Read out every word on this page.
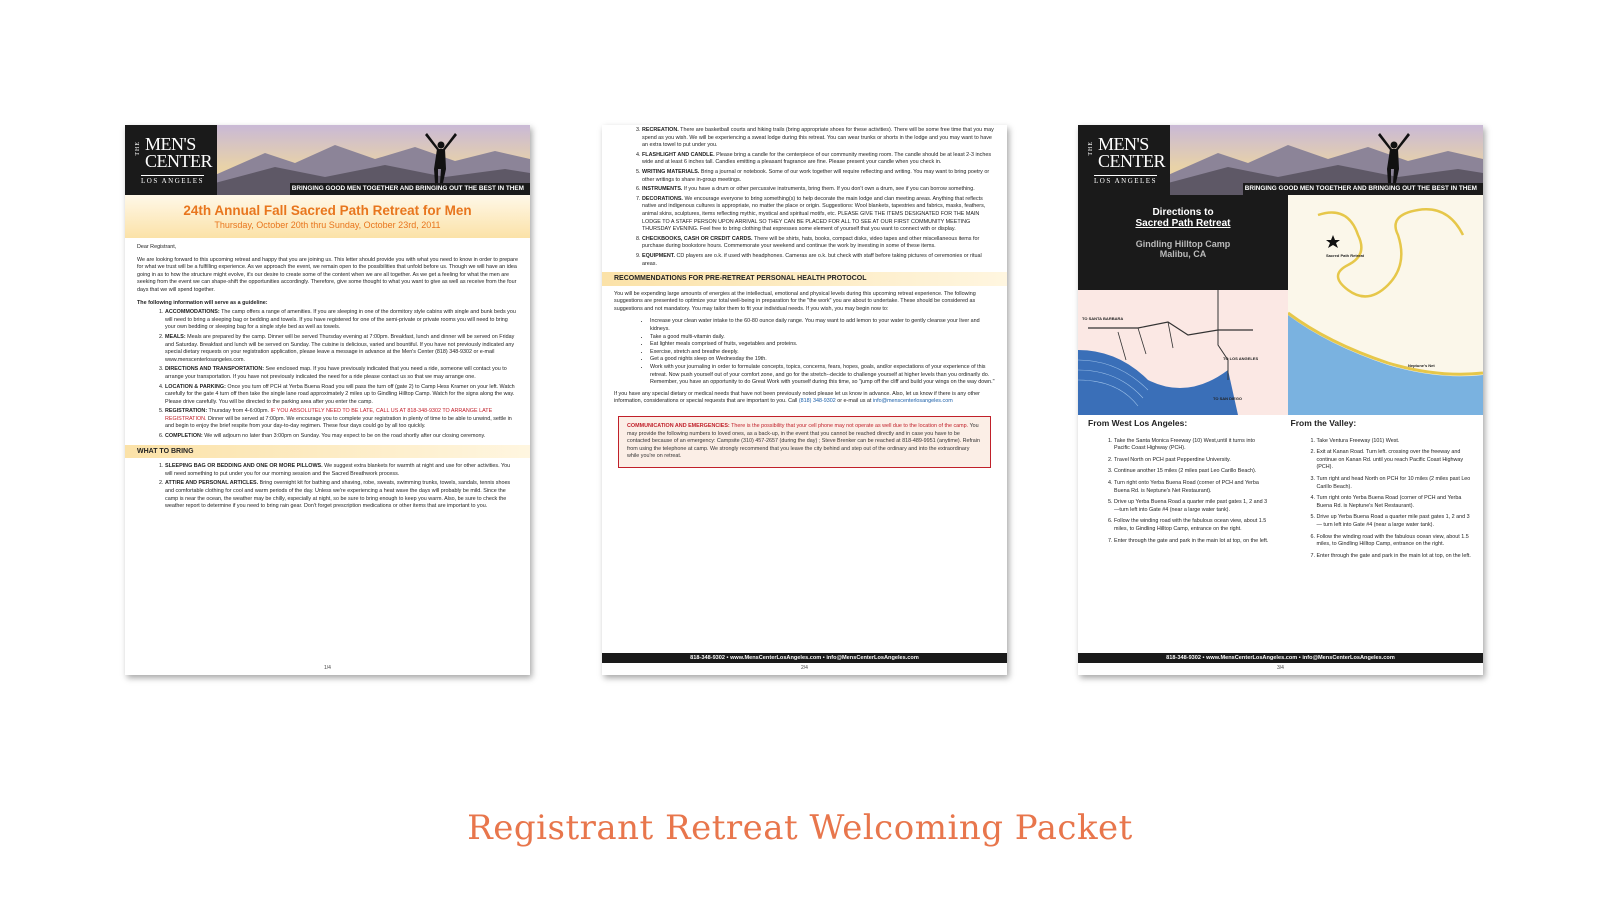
THE MEN'S
CENTER
LOS ANGELES
BRINGING GOOD MEN TOGETHER AND BRINGING OUT THE BEST IN THEM
24th Annual Fall Sacred Path Retreat for Men
Thursday, October 20th thru Sunday, October 23rd, 2011

Dear Registrant,

We are looking forward to this upcoming retreat and happy that you are joining us. This letter should provide you with what you need to know in order to prepare for what we trust will be a fulfilling experience. As we approach the event, we remain open to the possibilities that unfold before us. Though we will have an idea going in as to how the structure might evolve, it's our desire to create some of the content when we are all together. As we get a feeling for what the men are seeking from the event we can shape-shift the opportunities accordingly. Therefore, give some thought to what you want to give as well as receive from the four days that we will spend together.

The following information will serve as a guideline:

1. ACCOMMODATIONS: The camp offers a range of amenities. If you are sleeping in one of the dormitory style cabins with single and bunk beds you will need to bring a sleeping bag or bedding and towels. If you have registered for one of the semi-private or private rooms you will need to bring your own bedding or sleeping bag for a single style bed as well as towels.
2. MEALS: Meals are prepared by the camp. Dinner will be served Thursday evening at 7:00pm. Breakfast, lunch and dinner will be served on Friday and Saturday. Breakfast and lunch will be served on Sunday. The cuisine is delicious, varied and bountiful. If you have not previously indicated any special dietary requests on your registration application, please leave a message in advance at the Men's Center (818) 348-9302 or e-mail www.menscenterlosangeles.com.
3. DIRECTIONS AND TRANSPORTATION: See enclosed map. If you have previously indicated that you need a ride, someone will contact you to arrange your transportation. If you have not previously indicated the need for a ride please contact us so that we may arrange one.
4. LOCATION & PARKING: Once you turn off PCH at Yerba Buena Road you will pass the turn off (gate 2) to Camp Hess Kramer on your left. Watch carefully for the gate 4 turn off then take the single lane road approximately 2 miles up to Gindling Hilltop Camp. Watch for the signs along the way. Please drive carefully. You will be directed to the parking area after you enter the camp.
5. REGISTRATION: Thursday from 4-6:00pm. IF YOU ABSOLUTELY NEED TO BE LATE, CALL US AT 818-348-9302 TO ARRANGE LATE REGISTRATION. Dinner will be served at 7:00pm. We encourage you to complete your registration in plenty of time to be able to unwind, settle in and begin to enjoy the brief respite from your day-to-day regimen. These four days could go by all too quickly.
6. COMPLETION: We will adjourn no later than 3:00pm on Sunday. You may expect to be on the road shortly after our closing ceremony.
WHAT TO BRING
1. SLEEPING BAG OR BEDDING AND ONE OR MORE PILLOWS. We suggest extra blankets for warmth at night and use for other activities. You will need something to put under you for our morning session and the Sacred Breathwork process.
2. ATTIRE AND PERSONAL ARTICLES. Bring overnight kit for bathing and shaving, robe, sweats, swimming trunks, towels, sandals, tennis shoes and comfortable clothing for cool and warm periods of the day. Unless we're experiencing a heat wave the days will probably be mild. Since the camp is near the ocean, the weather may be chilly, especially at night, so be sure to bring enough to keep you warm. Also, be sure to check the weather report to determine if you need to bring rain gear. Don't forget prescription medications or other items that are important to you.
1/4
3. RECREATION. There are basketball courts and hiking trails (bring appropriate shoes for these activities). There will be some free time that you may spend as you wish. We will be experiencing a sweat lodge during this retreat. You can wear trunks or shorts in the lodge and you may want to have an extra towel to put under you.
4. FLASHLIGHT AND CANDLE. Please bring a candle for the centerpiece of our community meeting room. The candle should be at least 2-3 inches wide and at least 6 inches tall. Candles emitting a pleasant fragrance are fine. Please present your candle when you check in.
5. WRITING MATERIALS. Bring a journal or notebook. Some of our work together will require reflecting and writing. You may want to bring poetry or other writings to share in-group meetings.
6. INSTRUMENTS. If you have a drum or other percussive instruments, bring them. If you don't own a drum, see if you can borrow something.
7. DECORATIONS. We encourage everyone to bring something(s) to help decorate the main lodge and clan meeting areas. Anything that reflects native and indigenous cultures is appropriate, no matter the place or origin. Suggestions: Wool blankets, tapestries and fabrics, masks, feathers, animal skins, sculptures, items reflecting mythic, mystical and spiritual motifs, etc. PLEASE GIVE THE ITEMS DESIGNATED FOR THE MAIN LODGE TO A STAFF PERSON UPON ARRIVAL SO THEY CAN BE PLACED FOR ALL TO SEE AT OUR FIRST COMMUNITY MEETING THURSDAY EVENING. Feel free to bring clothing that expresses some element of yourself that you want to connect with or display.
8. CHECKBOOKS, CASH OR CREDIT CARDS. There will be shirts, hats, books, compact disks, video tapes and other miscellaneous items for purchase during bookstore hours. Commemorate your weekend and continue the work by investing in some of these items.
9. EQUIPMENT. CD players are o.k. if used with headphones. Cameras are o.k. but check with staff before taking pictures of ceremonies or ritual areas.
RECOMMENDATIONS FOR PRE-RETREAT PERSONAL HEALTH PROTOCOL

You will be expending large amounts of energies at the intellectual, emotional and physical levels during this upcoming retreat experience. The following suggestions are presented to optimize your total well-being in preparation for the "the work" you are about to undertake. These should be considered as suggestions and not mandatory. You may tailor them to fit your individual needs. If you wish, you may begin now to:

• Increase your clean water intake to the 60-80 ounce daily range. You may want to add lemon to your water to gently cleanse your liver and kidneys.
• Take a good multi-vitamin daily.
• Eat lighter meals comprised of fruits, vegetables and proteins.
• Exercise, stretch and breathe deeply.
• Get a good nights sleep on Wednesday the 19th.
• Work with your journaling in order to formulate concepts, topics, concerns, fears, hopes, goals, and/or expectations of your experience of this retreat. Now push yourself out of your comfort zone, and go for the stretch--decide to challenge yourself at higher levels than you ordinarily do. Remember, you have an opportunity to do Great Work with yourself during this time, so "jump off the cliff and build your wings on the way down."

If you have any special dietary or medical needs that have not been previously noted please let us know in advance. Also, let us know if there is any other information, considerations or special requests that are important to you. Call (818) 348-9302 or e-mail us at info@menscenterlosangeles.com

COMMUNICATION AND EMERGENCIES: There is the possibility that your cell phone may not operate as well due to the location of the camp. You may provide the following numbers to loved ones, as a back-up, in the event that you cannot be reached directly and in case you have to be contacted because of an emergency: Campsite (310) 457-2657 (during the day) ; Steve Brenker can be reached at 818-489-9951 (anytime). Refrain from using the telephone at camp. We strongly recommend that you leave the city behind and step out of the ordinary and into the extraordinary while you're on retreat.
818-348-9302 • www.MensCenterLosAngeles.com • info@MensCenterLosAngeles.com
2/4
THE MEN'S
CENTER
LOS ANGELES
BRINGING GOOD MEN TOGETHER AND BRINGING OUT THE BEST IN THEM
Directions to
Sacred Path Retreat
Gindling Hilltop Camp
Malibu, CA
TO SANTA BARBARA
TO LOS ANGELES
TO SAN DIEGO
Sacred Path Retreat
Neptune's Net
From West Los Angeles:
1. Take the Santa Monica Freeway (10) West,until it turns into Pacific Coast Highway (PCH).
2. Travel North on PCH past Pepperdine University.
3. Continue another 15 miles (2 miles past Leo Carillo Beach).
4. Turn right onto Yerba Buena Road (corner of PCH and Yerba Buena Rd. is Neptune's Net Restaurant).
5. Drive up Yerba Buena Road a quarter mile past gates 1, 2 and 3 —turn left into Gate #4 (near a large water tank).
6. Follow the winding road with the fabulous ocean view, about 1.5 miles, to Gindling Hilltop Camp, entrance on the right.
7. Enter through the gate and park in the main lot at top, on the left.
From the Valley:
1. Take Ventura Freeway (101) West.
2. Exit at Kanan Road. Turn left. crossing over the freeway and continue on Kanan Rd. until you reach Pacific Coast Highway (PCH).
3. Turn right and head North on PCH for 10 miles (2 miles past Leo Carillo Beach).
4. Turn right onto Yerba Buena Road (corner of PCH and Yerba Buena Rd. is Neptune's Net Restaurant).
5. Drive up Yerba Buena Road a quarter mile past gates 1, 2 and 3 — turn left into Gate #4 (near a large water tank).
6. Follow the winding road with the fabulous ocean view, about 1.5 miles, to Gindling Hilltop Camp, entrance on the right.
7. Enter through the gate and park in the main lot at top, on the left.
818-348-9302 • www.MensCenterLosAngeles.com • info@MensCenterLosAngeles.com
3/4
Registrant Retreat Welcoming Packet
